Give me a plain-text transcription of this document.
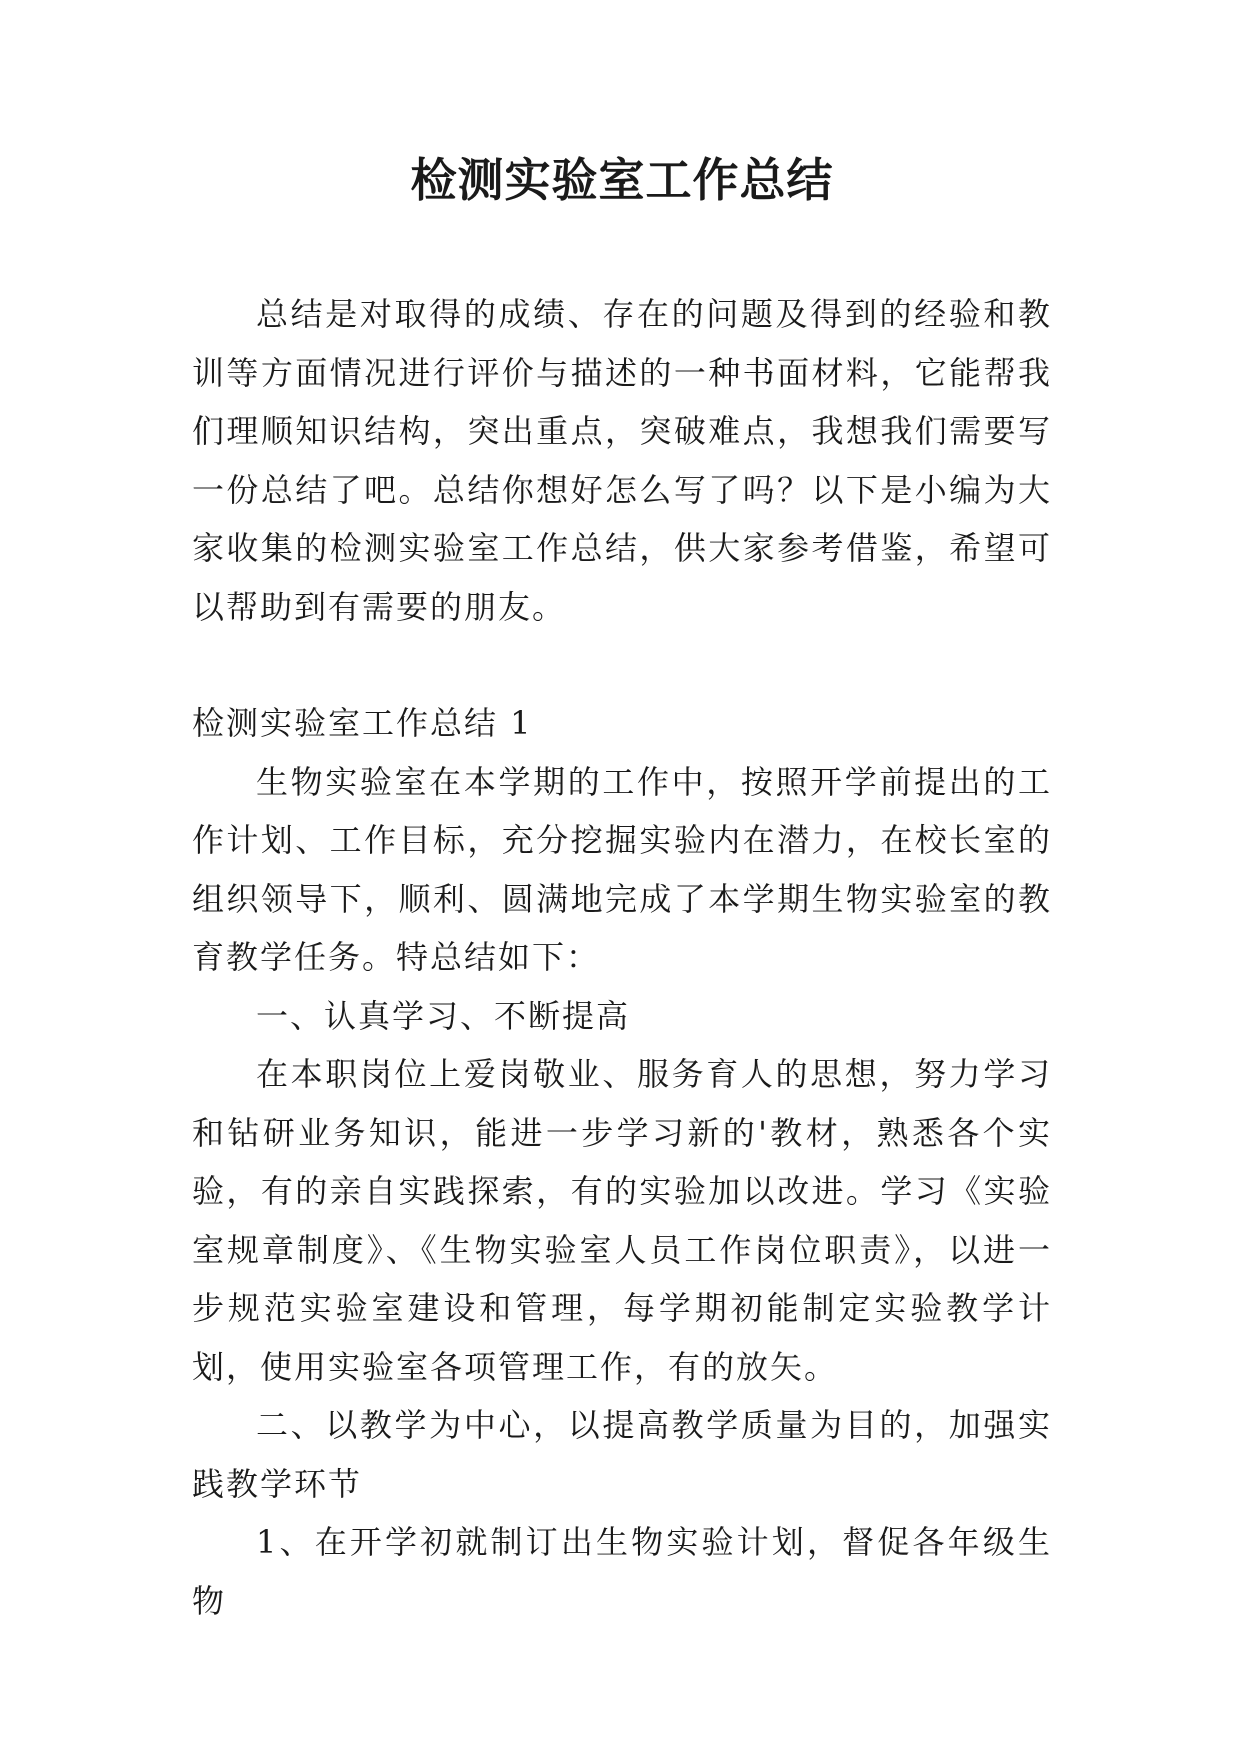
检测实验室工作总结

总结是对取得的成绩、存在的问题及得到的经验和教训等方面情况进行评价与描述的一种书面材料，它能帮我们理顺知识结构，突出重点，突破难点，我想我们需要写一份总结了吧。总结你想好怎么写了吗？以下是小编为大家收集的检测实验室工作总结，供大家参考借鉴，希望可以帮助到有需要的朋友。

检测实验室工作总结 1

生物实验室在本学期的工作中，按照开学前提出的工作计划、工作目标，充分挖掘实验内在潜力，在校长室的组织领导下，顺利、圆满地完成了本学期生物实验室的教育教学任务。特总结如下：

一、认真学习、不断提高

在本职岗位上爱岗敬业、服务育人的思想，努力学习和钻研业务知识，能进一步学习新的'教材，熟悉各个实验，有的亲自实践探索，有的实验加以改进。学习《实验室规章制度》、《生物实验室人员工作岗位职责》，以进一步规范实验室建设和管理，每学期初能制定实验教学计划，使用实验室各项管理工作，有的放矢。

二、以教学为中心，以提高教学质量为目的，加强实践教学环节

1、在开学初就制订出生物实验计划，督促各年级生物
